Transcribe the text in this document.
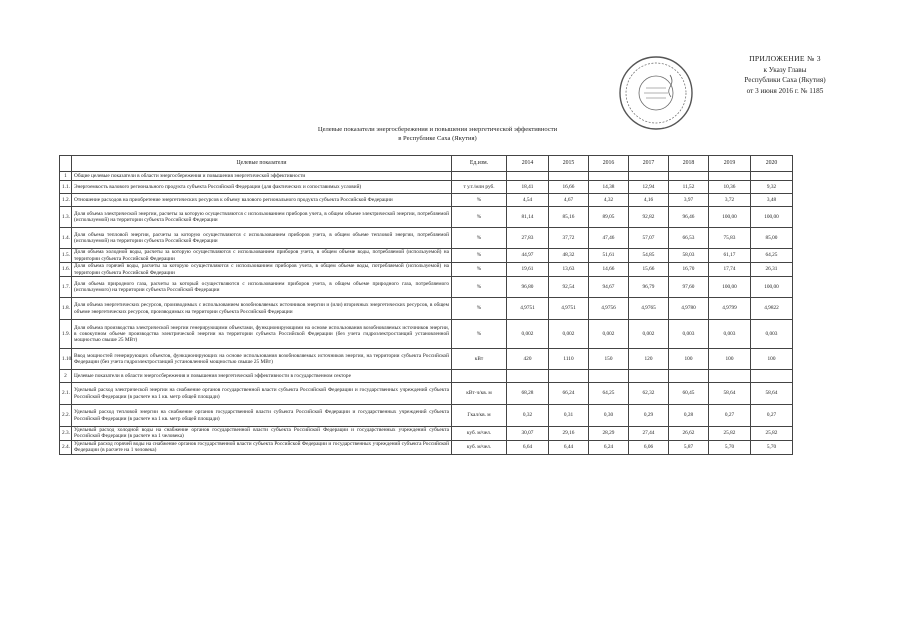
ПРИЛОЖЕНИЕ № 3
к Указу Главы
Республики Саха (Якутия)
от 3 июня 2016 г. № 1185
Целевые показатели энергосбережения и повышения энергетической эффективности
в Республике Саха (Якутия)
	Целевые показатели	Ед.изм.	2014	2015	2016	2017	2018	2019	2020
1	Общие целевые показатели в области энергосбережения и повышения энергетической эффективности								
1.1.	Энергоемкость валового регионального продукта субъекта Российской Федерации (для фактических и сопоставимых условий)	т у.т./млн руб.	18,41	16,66	14,38	12,94	11,52	10,36	9,32
1.2.	Отношение расходов на приобретение энергетических ресурсов к объему валового регионального продукта субъекта Российской Федерации	%	4,54	4,67	4,32	4,16	3,97	3,72	3,48
1.3.	Доля объема электрической энергии, расчеты за которую осуществляются с использованием приборов учета, в общем объеме электрической энергии, потребляемой (используемой) на территории субъекта Российской Федерации	%	81,14	85,16	89,05	92,82	96,46	100,00	100,00
1.4.	Доля объема тепловой энергии, расчеты за которую осуществляются с использованием приборов учета, в общем объеме тепловой энергии, потребляемой (используемой) на территории субъекта Российской Федерации	%	27,83	37,72	47,46	57,07	66,53	75,83	85,00
1.5.	Доля объема холодной воды, расчеты за которую осуществляются с использованием приборов учета, в общем объеме воды, потребляемой (используемой) на территории субъекта Российской Федерации	%	44,97	48,32	51,61	54,85	58,03	61,17	64,25
1.6.	Доля объема горячей воды, расчеты за которую осуществляются с использованием приборов учета, в общем объеме воды, потребляемой (используемой) на территории субъекта Российской Федерации	%	19,61	13,63	14,66	15,66	16,70	17,74	26,31
1.7.	Доля объема природного газа, расчеты за который осуществляются с использованием приборов учета, в общем объеме природного газа, потребляемого (используемого) на территории субъекта Российской Федерации	%	96,80	92,54	94,67	96,79	97,60	100,00	100,00
1.8.	Доля объема энергетических ресурсов, производимых с использованием возобновляемых источников энергии и (или) вторичных энергетических ресурсов, в общем объеме энергетических ресурсов, производимых на территории субъекта Российской Федерации	%	4,9751	4,9751	4,9756	4,9765	4,9780	4,9799	4,9822
1.9.	Доля объема производства электрической энергии генерирующими объектами, функционирующими на основе использования возобновляемых источников энергии, в совокупном объеме производства электрической энергии на территории субъекта Российской Федерации (без учета гидроэлектростанций установленной мощностью свыше 25 МВт)	%	0,002	0,002	0,002	0,002	0,003	0,003	0,003
1.10.	Ввод мощностей генерирующих объектов, функционирующих на основе использования возобновляемых источников энергии, на территории субъекта Российской Федерации (без учета гидроэлектростанций установленной мощностью свыше 25 МВт)	кВт	420	1110	150	120	100	100	100
2	Целевые показатели в области энергосбережения и повышения энергетической эффективности в государственном секторе								
2.1.	Удельный расход электрической энергии на снабжение органов государственной власти субъекта Российской Федерации и государственных учреждений субъекта Российской Федерации (в расчете на 1 кв. метр общей площади)	кВт·ч/кв. м	68,28	66,24	64,25	62,32	60,45	58,64	58,64
2.2.	Удельный расход тепловой энергии на снабжение органов государственной власти субъекта Российской Федерации и государственных учреждений субъекта Российской Федерации (в расчете на 1 кв. метр общей площади)	Гкал/кв. м	0,32	0,31	0,30	0,29	0,28	0,27	0,27
2.3.	Удельный расход холодной воды на снабжение органов государственной власти субъекта Российской Федерации и государственных учреждений субъекта Российской Федерации (в расчете на 1 человека)	куб. м/чел.	30,07	29,16	28,29	27,44	26,62	25,82	25,82
2.4.	Удельный расход горячей воды на снабжение органов государственной власти субъекта Российской Федерации и государственных учреждений субъекта Российской Федерации (в расчете на 1 человека)	куб. м/чел.	6,64	6,44	6,24	6,06	5,87	5,70	5,70
